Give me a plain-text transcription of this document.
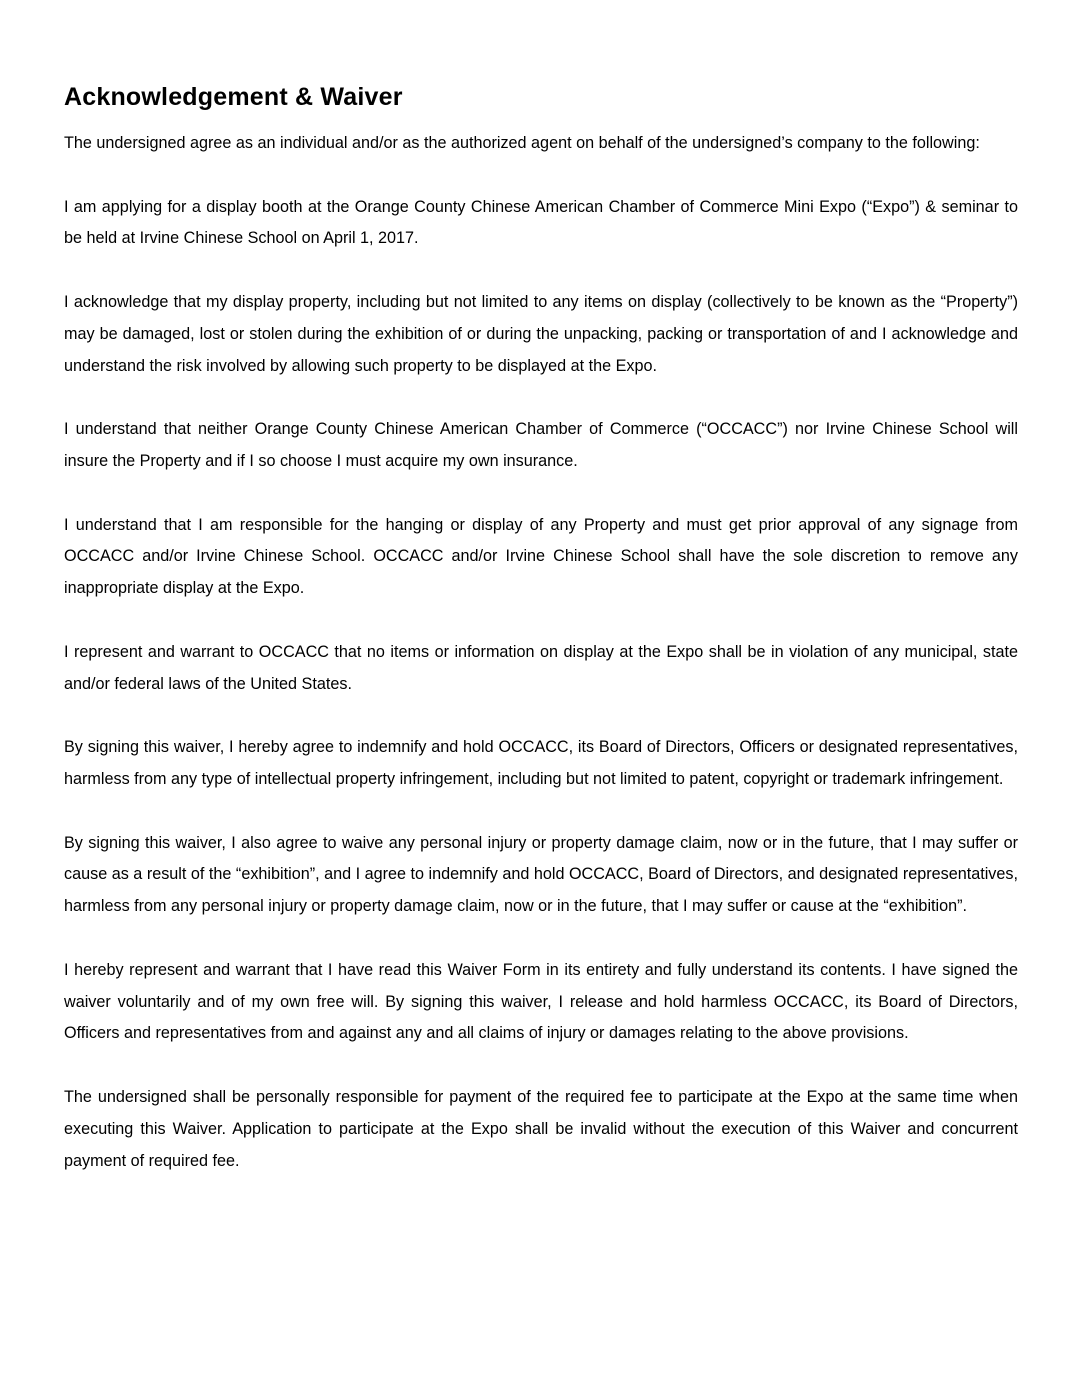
Acknowledgement & Waiver

The undersigned agree as an individual and/or as the authorized agent on behalf of the undersigned’s company to the following:

I am applying for a display booth at the Orange County Chinese American Chamber of Commerce Mini Expo (“Expo”) & seminar to be held at Irvine Chinese School on April 1, 2017.

I acknowledge that my display property, including but not limited to any items on display (collectively to be known as the “Property”) may be damaged, lost or stolen during the exhibition of or during the unpacking, packing or transportation of and I acknowledge and understand the risk involved by allowing such property to be displayed at the Expo.

I understand that neither Orange County Chinese American Chamber of Commerce (“OCCACC”) nor Irvine Chinese School will insure the Property and if I so choose I must acquire my own insurance.

I understand that I am responsible for the hanging or display of any Property and must get prior approval of any signage from OCCACC and/or Irvine Chinese School. OCCACC and/or Irvine Chinese School shall have the sole discretion to remove any inappropriate display at the Expo.

I represent and warrant to OCCACC that no items or information on display at the Expo shall be in violation of any municipal, state and/or federal laws of the United States.

By signing this waiver, I hereby agree to indemnify and hold OCCACC, its Board of Directors, Officers or designated representatives, harmless from any type of intellectual property infringement, including but not limited to patent, copyright or trademark infringement.

By signing this waiver, I also agree to waive any personal injury or property damage claim, now or in the future, that I may suffer or cause as a result of the “exhibition”, and I agree to indemnify and hold OCCACC, Board of Directors, and designated representatives, harmless from any personal injury or property damage claim, now or in the future, that I may suffer or cause at the “exhibition”.

I hereby represent and warrant that I have read this Waiver Form in its entirety and fully understand its contents. I have signed the waiver voluntarily and of my own free will. By signing this waiver, I release and hold harmless OCCACC, its Board of Directors, Officers and representatives from and against any and all claims of injury or damages relating to the above provisions.

The undersigned shall be personally responsible for payment of the required fee to participate at the Expo at the same time when executing this Waiver. Application to participate at the Expo shall be invalid without the execution of this Waiver and concurrent payment of required fee.
